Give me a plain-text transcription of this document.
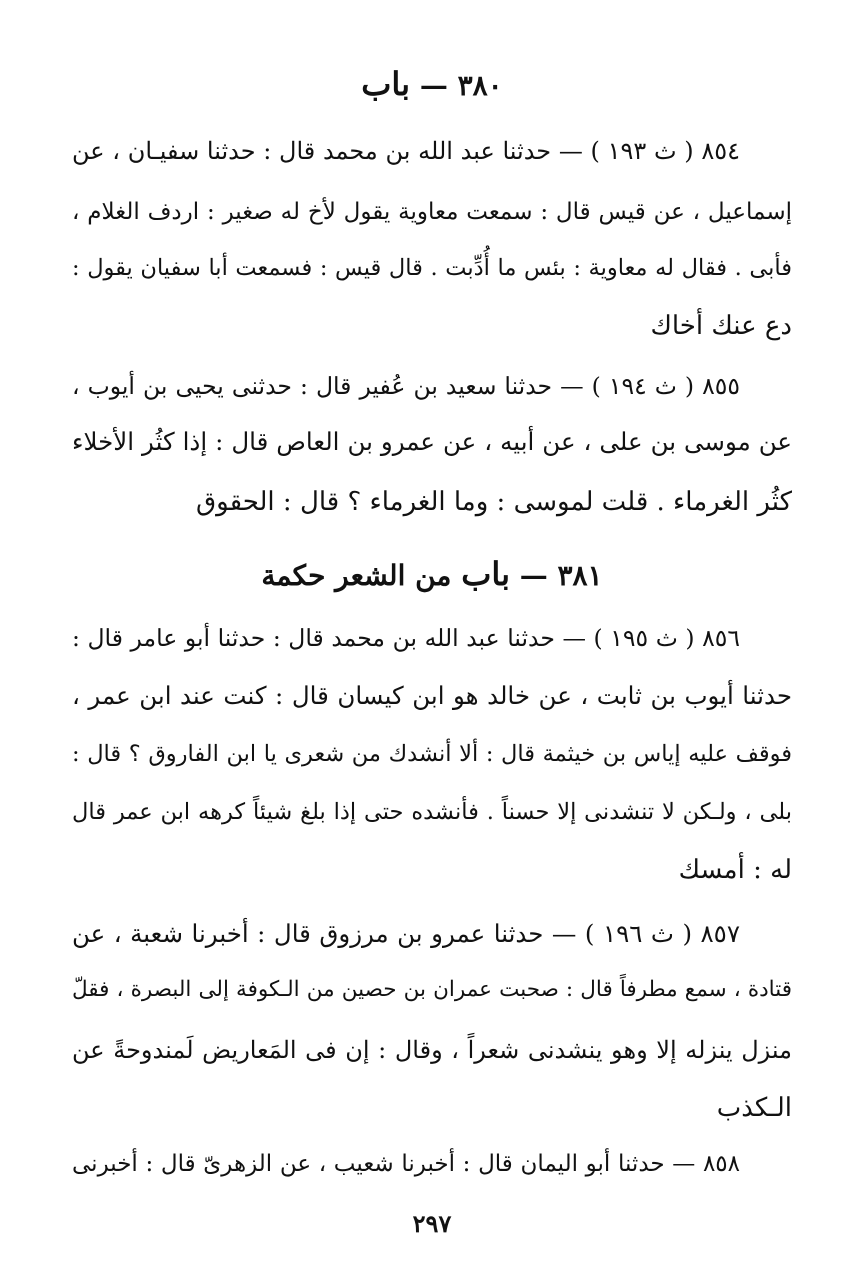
٣٨٠ — باب
٨٥٤ ( ث ١٩٣ ) — حدثنا عبد الله بن محمد قال : حدثنا سفيـان ، عن
إسماعيل ، عن قيس قال : سمعت معاوية يقول لأخ له صغير : اردف الغلام ،
فأبى . فقال له معاوية : بئس ما أُدِّبت . قال قيس : فسمعت أبا سفيان يقول :
دع عنك أخاك
٨٥٥ ( ث ١٩٤ ) — حدثنا سعيد بن عُفير قال : حدثنى يحيى بن أيوب ،
عن موسى بن على ، عن أبيه ، عن عمرو بن العاص قال : إذا كثُر الأخلاء
كثُر الغرماء . قلت لموسى : وما الغرماء ؟ قال : الحقوق
٣٨١ — باب من الشعر حكمة
٨٥٦ ( ث ١٩٥ ) — حدثنا عبد الله بن محمد قال : حدثنا أبو عامر قال :
حدثنا أيوب بن ثابت ، عن خالد هو ابن كيسان قال : كنت عند ابن عمر ،
فوقف عليه إياس بن خيثمة قال : ألا أنشدك من شعرى يا ابن الفاروق ؟ قال :
بلى ، ولـكن لا تنشدنى إلا حسناً . فأنشده حتى إذا بلغ شيئاً كرهه ابن عمر قال
له : أمسك
٨٥٧ ( ث ١٩٦ ) — حدثنا عمرو بن مرزوق قال : أخبرنا شعبة ، عن
قتادة ، سمع مطرفاً قال : صحبت عمران بن حصين من الـكوفة إلى البصرة ، فقلّ
منزل ينزله إلا وهو ينشدنى شعراً ، وقال : إن فى المَعاريض لَمندوحةً عن
الـكذب
٨٥٨ — حدثنا أبو اليمان قال : أخبرنا شعيب ، عن الزهرىّ قال : أخبرنى
٢٩٧
